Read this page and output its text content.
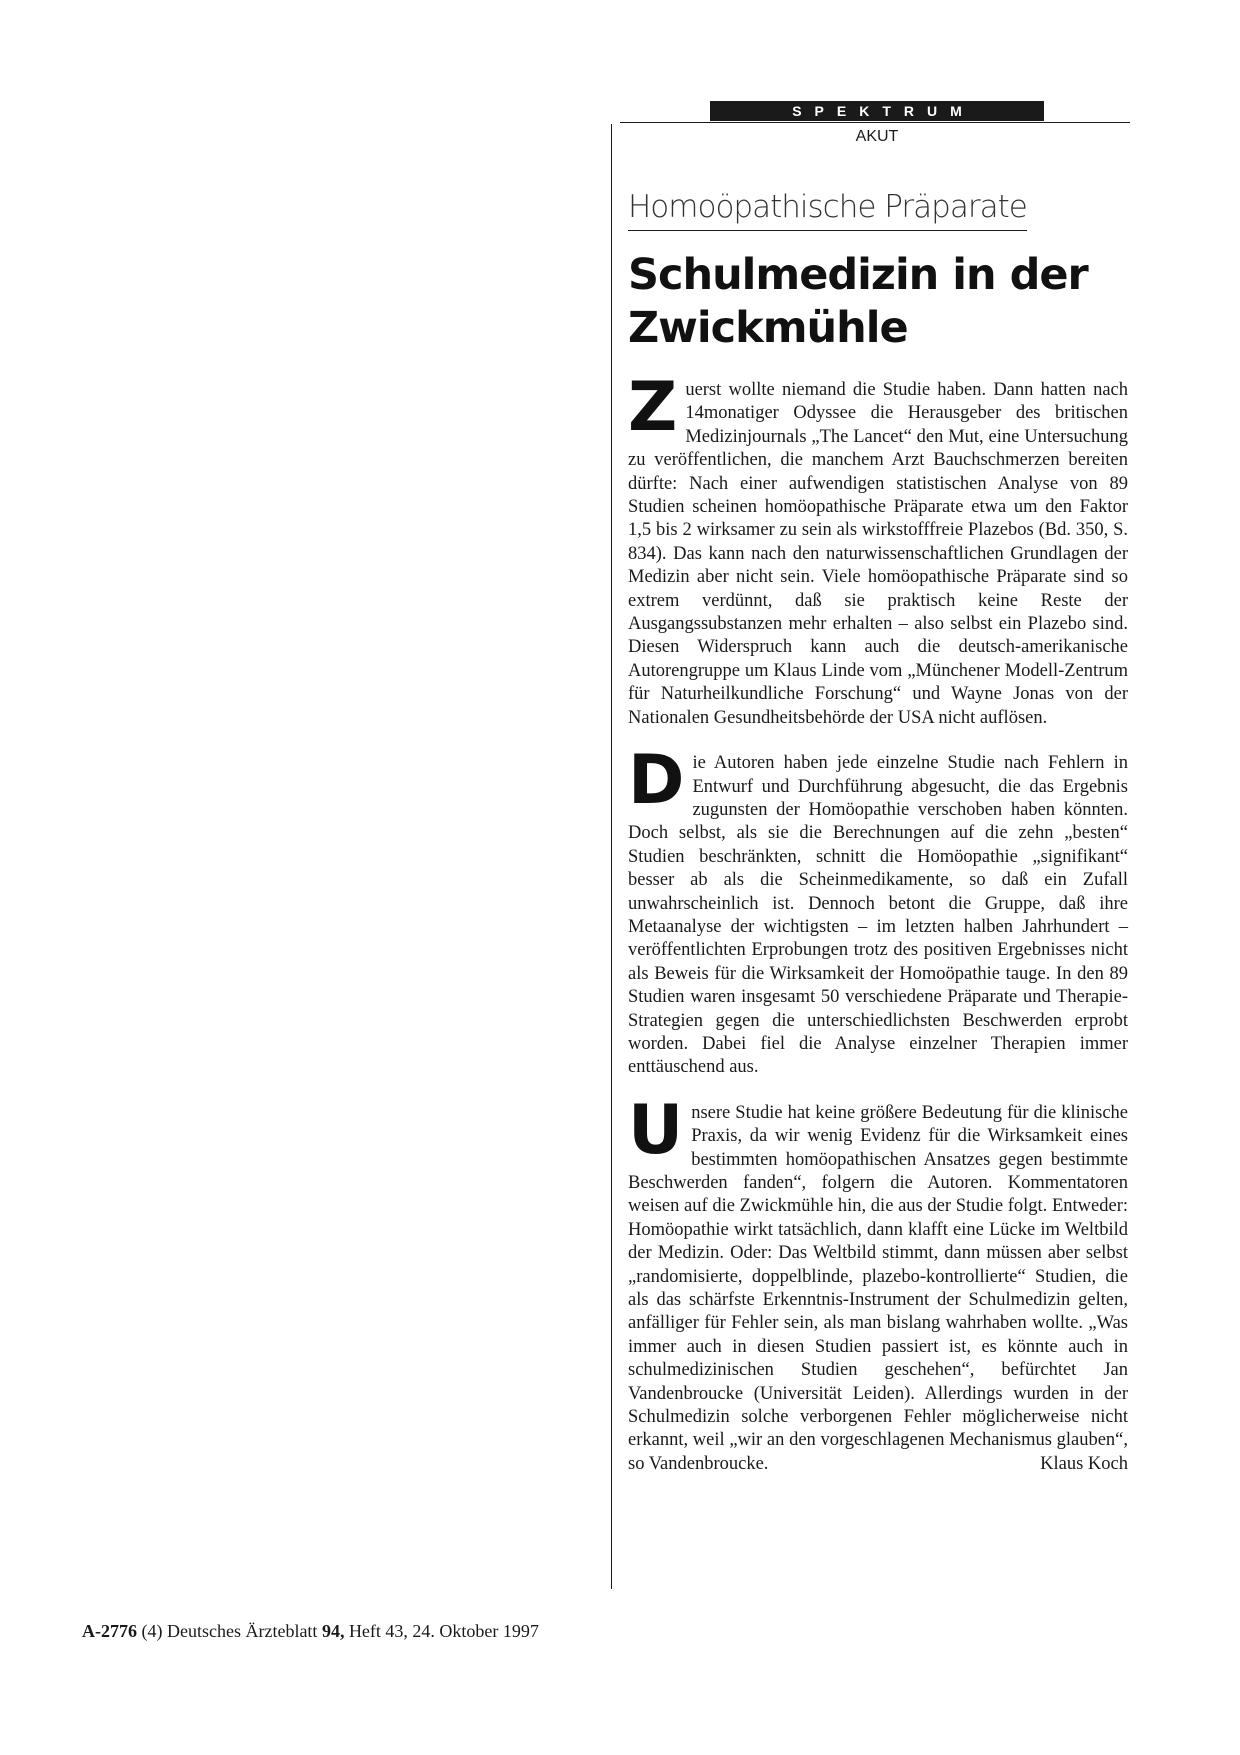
SPEKTRUM
AKUT
Homoöpathische Präparate
Schulmedizin in der Zwickmühle

Zuerst wollte niemand die Studie haben. Dann hatten nach 14monatiger Odyssee die Herausgeber des britischen Medizinjournals „The Lancet“ den Mut, eine Untersuchung zu veröffentlichen, die manchem Arzt Bauchschmerzen bereiten dürfte: Nach einer aufwendigen statistischen Analyse von 89 Studien scheinen homöopathische Präparate etwa um den Faktor 1,5 bis 2 wirksamer zu sein als wirkstofffreie Plazebos (Bd. 350, S. 834). Das kann nach den naturwissenschaftlichen Grundlagen der Medizin aber nicht sein. Viele homöopathische Präparate sind so extrem verdünnt, daß sie praktisch keine Reste der Ausgangssubstanzen mehr erhalten – also selbst ein Plazebo sind. Diesen Widerspruch kann auch die deutsch-amerikanische Autorengruppe um Klaus Linde vom „Münchener Modell-Zentrum für Naturheilkundliche Forschung“ und Wayne Jonas von der Nationalen Gesundheitsbehörde der USA nicht auflösen.

Die Autoren haben jede einzelne Studie nach Fehlern in Entwurf und Durchführung abgesucht, die das Ergebnis zugunsten der Homöopathie verschoben haben könnten. Doch selbst, als sie die Berechnungen auf die zehn „besten“ Studien beschränkten, schnitt die Homöopathie „signifikant“ besser ab als die Scheinmedikamente, so daß ein Zufall unwahrscheinlich ist. Dennoch betont die Gruppe, daß ihre Metaanalyse der wichtigsten – im letzten halben Jahrhundert – veröffentlichten Erprobungen trotz des positiven Ergebnisses nicht als Beweis für die Wirksamkeit der Homoöpathie tauge. In den 89 Studien waren insgesamt 50 verschiedene Präparate und Therapie-Strategien gegen die unterschiedlichsten Beschwerden erprobt worden. Dabei fiel die Analyse einzelner Therapien immer enttäuschend aus.

Unsere Studie hat keine größere Bedeutung für die klinische Praxis, da wir wenig Evidenz für die Wirksamkeit eines bestimmten homöopathischen Ansatzes gegen bestimmte Beschwerden fanden“, folgern die Autoren. Kommentatoren weisen auf die Zwickmühle hin, die aus der Studie folgt. Entweder: Homöopathie wirkt tatsächlich, dann klafft eine Lücke im Weltbild der Medizin. Oder: Das Weltbild stimmt, dann müssen aber selbst „randomisierte, doppelblinde, plazebo-kontrollierte“ Studien, die als das schärfste Erkenntnis-Instrument der Schulmedizin gelten, anfälliger für Fehler sein, als man bislang wahrhaben wollte. „Was immer auch in diesen Studien passiert ist, es könnte auch in schulmedizinischen Studien geschehen“, befürchtet Jan Vandenbroucke (Universität Leiden). Allerdings wurden in der Schulmedizin solche verborgenen Fehler möglicherweise nicht erkannt, weil „wir an den vorgeschlagenen Mechanismus glauben“, so Vandenbroucke.	Klaus Koch

A-2776 (4) Deutsches Ärzteblatt 94, Heft 43, 24. Oktober 1997
